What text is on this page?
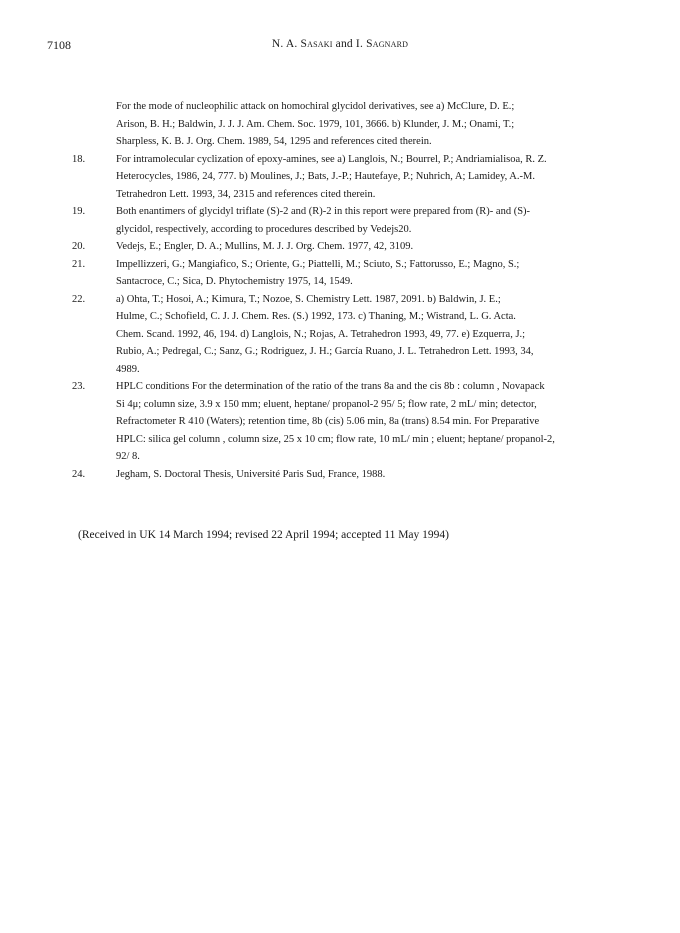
7108	N. A. Sasaki and I. Sagnard
For the mode of nucleophilic attack on homochiral glycidol derivatives, see a) McClure, D. E.;
Arison, B. H.; Baldwin, J. J. J. Am. Chem. Soc. 1979, 101, 3666. b) Klunder, J. M.; Onami, T.;
Sharpless, K. B. J. Org. Chem. 1989, 54, 1295 and references cited therein.
18.	For intramolecular cyclization of epoxy-amines, see a) Langlois, N.; Bourrel, P.; Andriamialisoa, R. Z.
Heterocycles, 1986, 24, 777. b) Moulines, J.; Bats, J.-P.; Hautefaye, P.; Nuhrich, A; Lamidey, A.-M.
Tetrahedron Lett. 1993, 34, 2315 and references cited therein.
19.	Both enantimers of glycidyl triflate (S)-2 and (R)-2 in this report were prepared from (R)- and (S)-
glycidol, respectively, according to procedures described by Vedejs20.
20.	Vedejs, E.; Engler, D. A.; Mullins, M. J. J. Org. Chem. 1977, 42, 3109.
21.	Impellizzeri, G.; Mangiafico, S.; Oriente, G.; Piattelli, M.; Sciuto, S.; Fattorusso, E.; Magno, S.;
Santacroce, C.; Sica, D. Phytochemistry 1975, 14, 1549.
22.	a) Ohta, T.; Hosoi, A.; Kimura, T.; Nozoe, S. Chemistry Lett. 1987, 2091. b) Baldwin, J. E.;
Hulme, C.; Schofield, C. J. J. Chem. Res. (S.) 1992, 173. c) Thaning, M.; Wistrand, L. G. Acta.
Chem. Scand. 1992, 46, 194. d) Langlois, N.; Rojas, A. Tetrahedron 1993, 49, 77. e) Ezquerra, J.;
Rubio, A.; Pedregal, C.; Sanz, G.; Rodriguez, J. H.; García Ruano, J. L. Tetrahedron Lett. 1993, 34,
4989.
23.	HPLC conditions For the determination of the ratio of the trans 8a and the cis 8b : column , Novapack
Si 4μ; column size, 3.9 x 150 mm; eluent, heptane/ propanol-2 95/ 5; flow rate, 2 mL/ min; detector,
Refractometer R 410 (Waters); retention time, 8b (cis) 5.06 min, 8a (trans) 8.54 min. For Preparative
HPLC: silica gel column , column size, 25 x 10 cm; flow rate, 10 mL/ min ; eluent; heptane/ propanol-2,
92/ 8.
24.	Jegham, S. Doctoral Thesis, Université Paris Sud, France, 1988.
(Received in UK 14 March 1994; revised 22 April 1994; accepted 11 May 1994)
